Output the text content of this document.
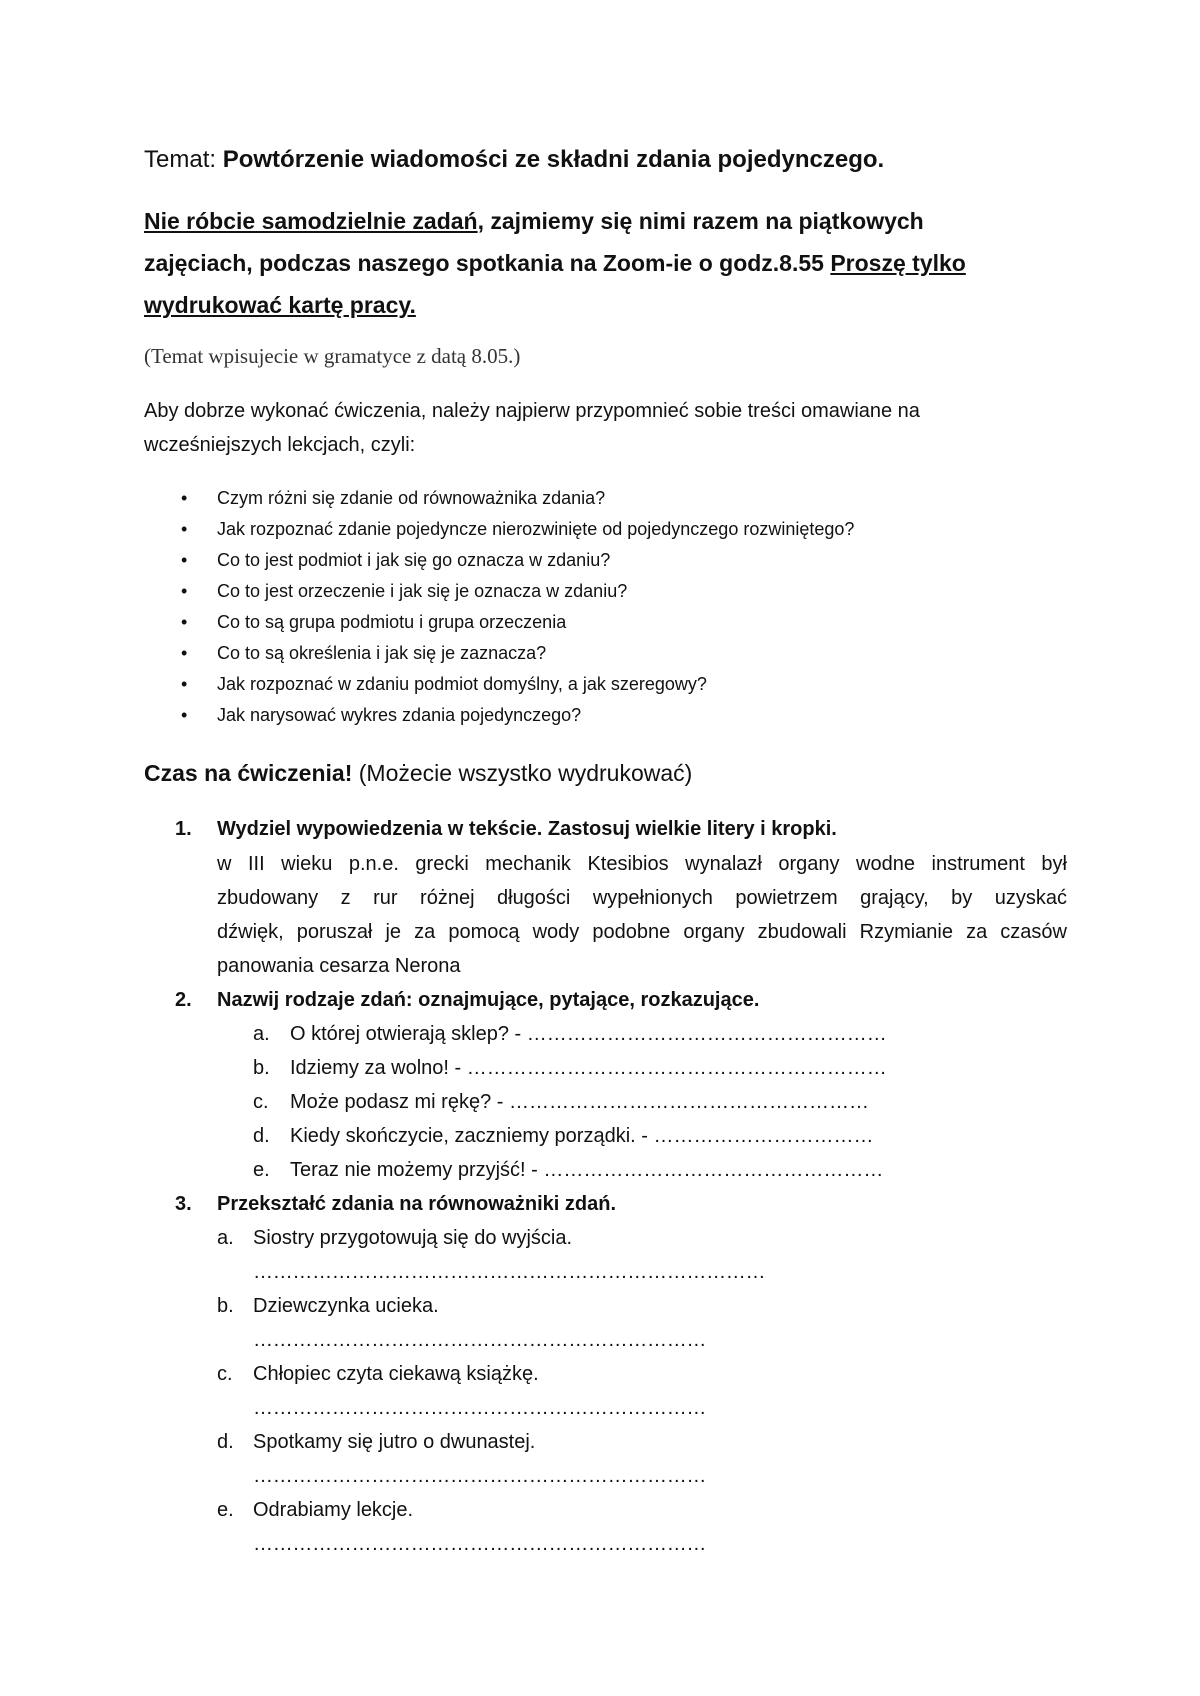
Temat: Powtórzenie wiadomości ze składni zdania pojedynczego.
Nie róbcie samodzielnie zadań, zajmiemy się nimi razem na piątkowych
zajęciach, podczas naszego spotkania na Zoom-ie o godz.8.55 Proszę tylko
wydrukować kartę pracy.
(Temat wpisujecie w gramatyce z datą 8.05.)
Aby dobrze wykonać ćwiczenia, należy najpierw przypomnieć sobie treści omawiane na
wcześniejszych lekcjach, czyli:
• Czym różni się zdanie od równoważnika zdania?
• Jak rozpoznać zdanie pojedyncze nierozwinięte od pojedynczego rozwiniętego?
• Co to jest podmiot i jak się go oznacza w zdaniu?
• Co to jest orzeczenie i jak się je oznacza w zdaniu?
• Co to są grupa podmiotu i grupa orzeczenia
• Co to są określenia i jak się je zaznacza?
• Jak rozpoznać w zdaniu podmiot domyślny, a jak szeregowy?
• Jak narysować wykres zdania pojedynczego?
Czas na ćwiczenia! (Możecie wszystko wydrukować)
1. Wydziel wypowiedzenia w tekście. Zastosuj wielkie litery i kropki.
w III wieku p.n.e. grecki mechanik Ktesibios wynalazł organy wodne instrument był
zbudowany z rur różnej długości wypełnionych powietrzem grający, by uzyskać
dźwięk, poruszał je za pomocą wody podobne organy zbudowali Rzymianie za czasów
panowania cesarza Nerona
2. Nazwij rodzaje zdań: oznajmujące, pytające, rozkazujące.
a. O której otwierają sklep? - ………………………………………………
b. Idziemy za wolno! - ………………………………………………………
c. Może podasz mi rękę? - ………………………………………………
d. Kiedy skończycie, zaczniemy porządki. - ……………………………
e. Teraz nie możemy przyjść! - ……………………………………………
3. Przekształć zdania na równoważniki zdań.
a. Siostry przygotowują się do wyjścia.
……………………………………………………………………
b. Dziewczynka ucieka.
……………………………………………………………
c. Chłopiec czyta ciekawą książkę.
……………………………………………………………
d. Spotkamy się jutro o dwunastej.
……………………………………………………………
e. Odrabiamy lekcje.
……………………………………………………………
